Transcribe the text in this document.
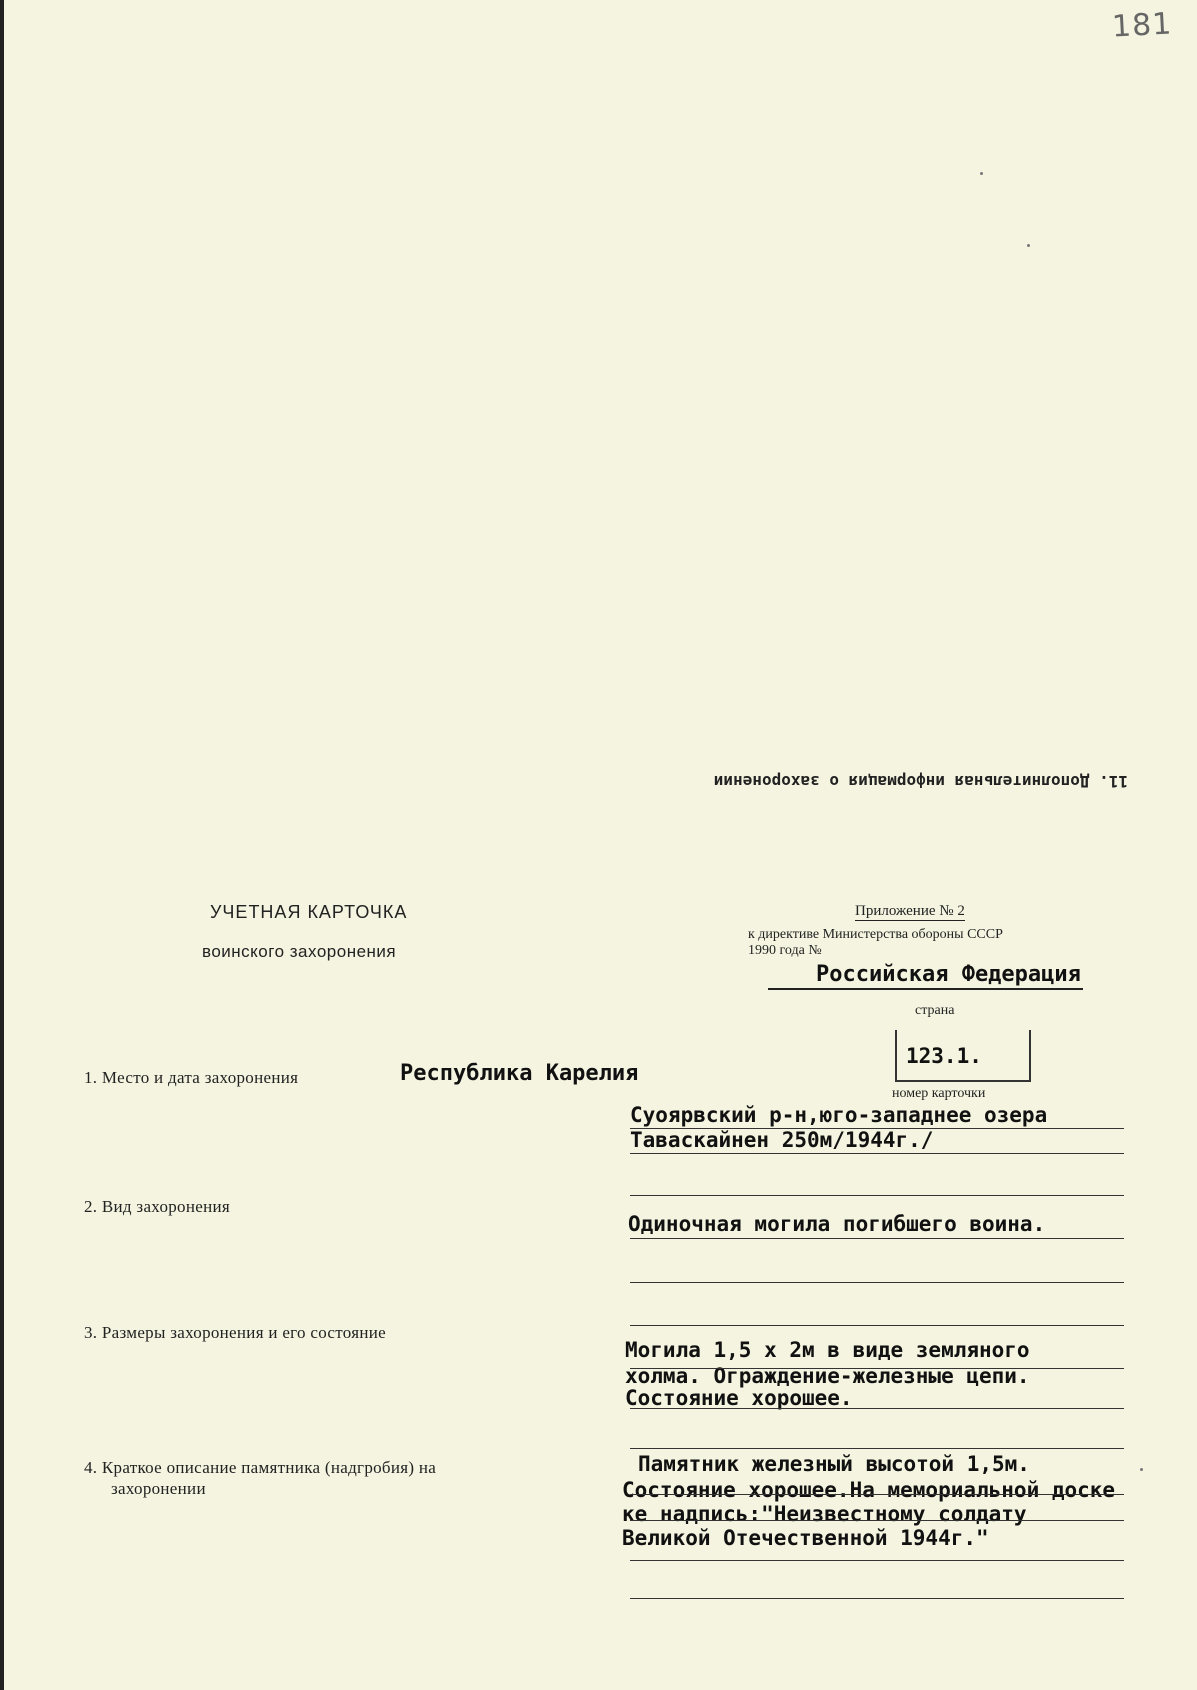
181
11. Дополнительная информация о захоронении
УЧЕТНАЯ КАРТОЧКА
воинского захоронения
Приложение № 2
к директиве Министерства обороны СССР
1990 года №
Российская Федерация
страна
123.1.
номер карточки
1. Место и дата захоронения	Республика Карелия
Суоярвский р-н,юго-западнее озера
Таваскайнен 250м/1944г./
2. Вид захоронения
Одиночная могила погибшего воина.
3. Размеры захоронения и его состояние
Могила 1,5 х 2м в виде земляного
холма. Ограждение-железные цепи.
Состояние хорошее.
4. Краткое описание памятника (надгробия) на
захоронении
Памятник железный высотой 1,5м.
Состояние хорошее.На мемориальной доске
ке надпись:"Неизвестному солдату
Великой Отечественной 1944г."
